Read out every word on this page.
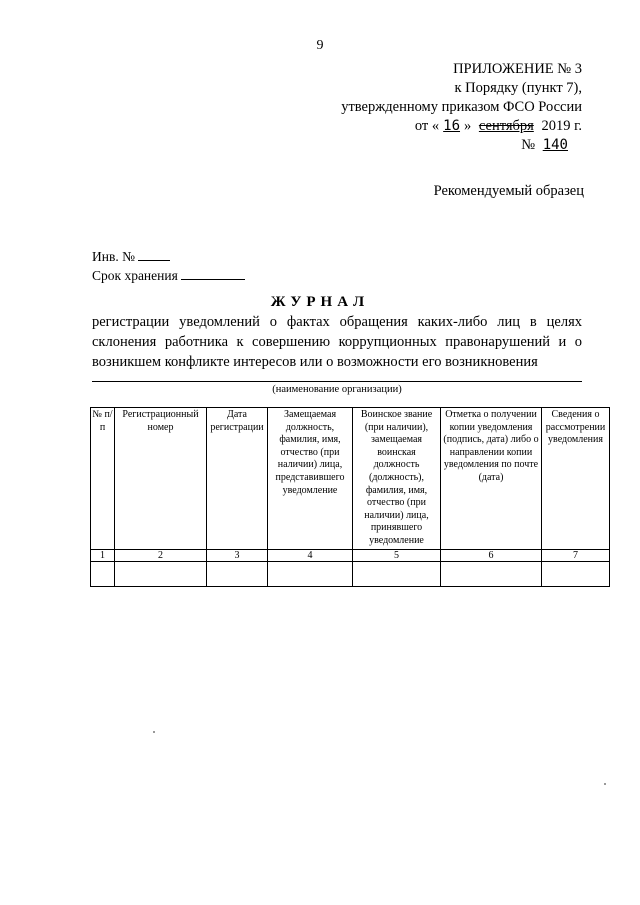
9
ПРИЛОЖЕНИЕ № 3
к Порядку (пункт 7),
утвержденному приказом ФСО России
от « 16 » сентября 2019 г.
№ 140
Рекомендуемый образец
Инв. №
Срок хранения
ЖУРНАЛ
регистрации уведомлений о фактах обращения каких-либо лиц в целях склонения работника к совершению коррупционных правонарушений и о возникшем конфликте интересов или о возможности его возникновения
(наименование организации)
№ п/п	Регистрационный номер	Дата регистрации	Замещаемая должность, фамилия, имя, отчество (при наличии) лица, представившего уведомление	Воинское звание (при наличии), замещаемая воинская должность (должность), фамилия, имя, отчество (при наличии) лица, принявшего уведомление	Отметка о получении копии уведомления (подпись, дата) либо о направлении копии уведомления по почте (дата)	Сведения о рассмотрении уведомления
1	2	3	4	5	6	7
